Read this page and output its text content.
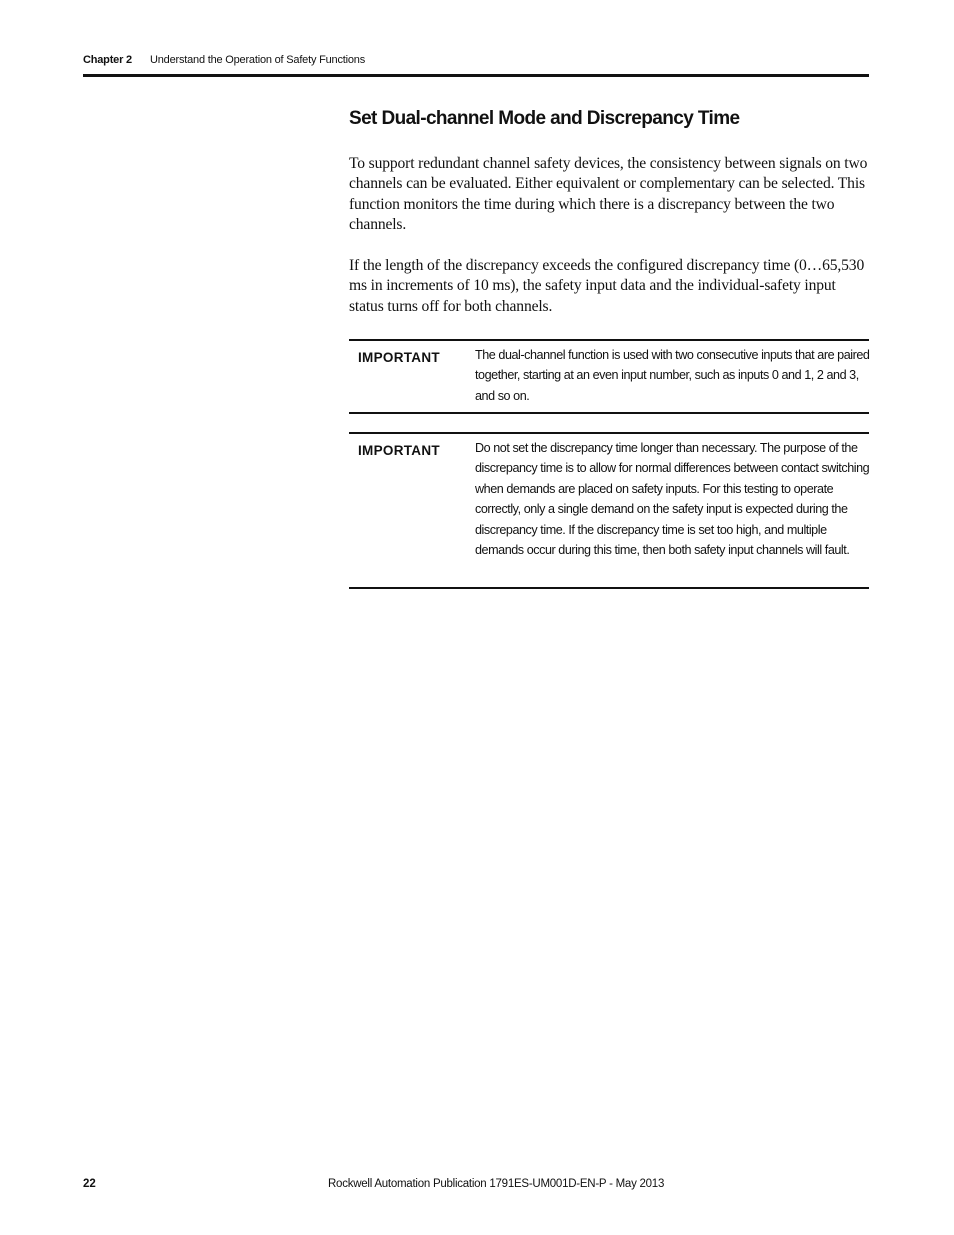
Chapter 2 Understand the Operation of Safety Functions
Set Dual-channel Mode and Discrepancy Time

To support redundant channel safety devices, the consistency between signals on two channels can be evaluated. Either equivalent or complementary can be selected. This function monitors the time during which there is a discrepancy between the two channels.

If the length of the discrepancy exceeds the configured discrepancy time (0…65,530 ms in increments of 10 ms), the safety input data and the individual-safety input status turns off for both channels.

IMPORTANT	The dual-channel function is used with two consecutive inputs that are paired together, starting at an even input number, such as inputs 0 and 1, 2 and 3, and so on.

IMPORTANT	Do not set the discrepancy time longer than necessary. The purpose of the discrepancy time is to allow for normal differences between contact switching when demands are placed on safety inputs. For this testing to operate correctly, only a single demand on the safety input is expected during the discrepancy time. If the discrepancy time is set too high, and multiple demands occur during this time, then both safety input channels will fault.

22	Rockwell Automation Publication 1791ES-UM001D-EN-P - May 2013
